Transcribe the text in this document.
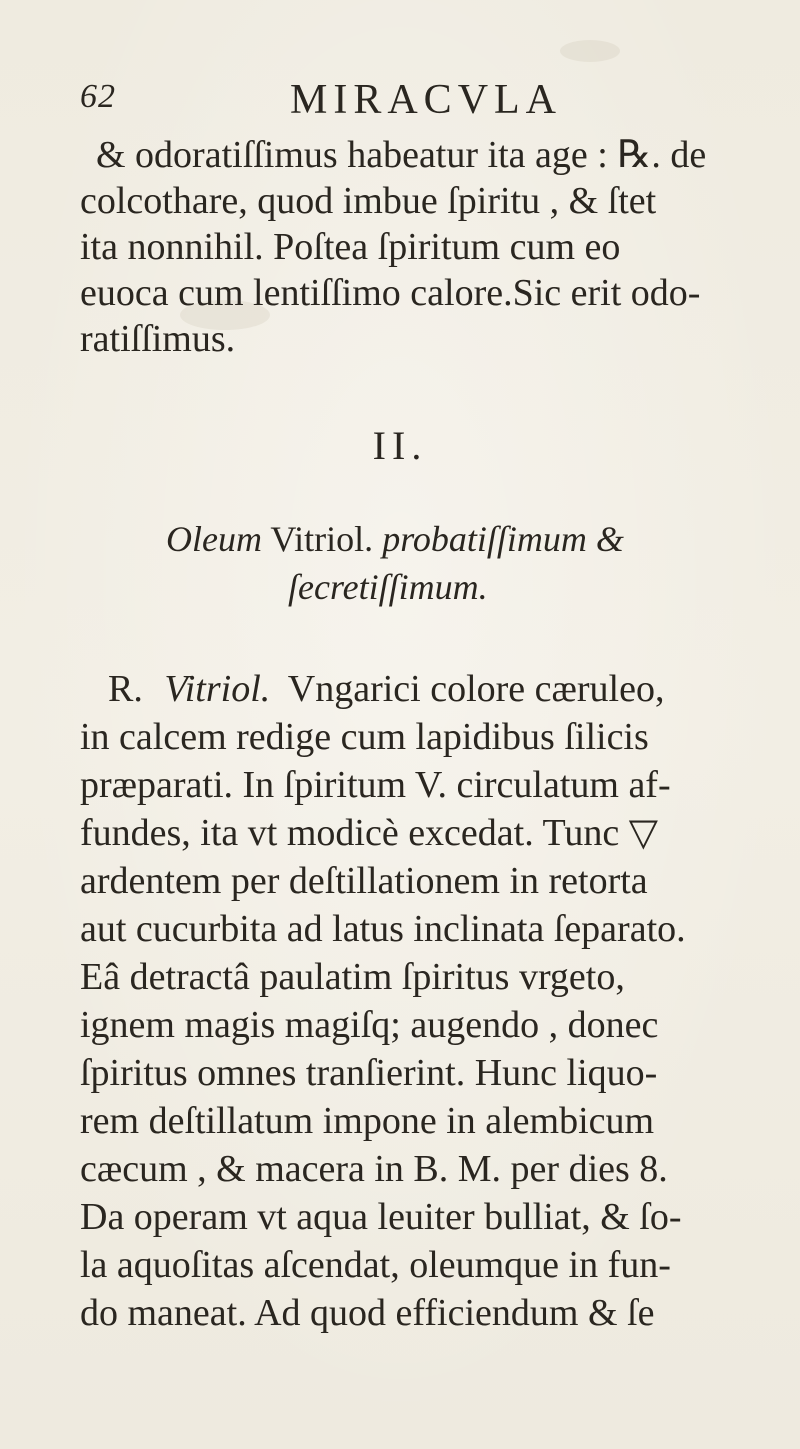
62	MIRACVLA
& odoratiſſimus habeatur ita age : ℞. de
colcothare, quod imbue ſpiritu , & ſtet
ita nonnihil. Poſtea ſpiritum cum eo
euoca cum lentiſſimo calore.Sic erit odo-
ratiſſimus.
II.
Oleum Vitriol. probatiſſimum &
ſecretiſſimum.
R. Vitriol. Vngarici colore cæruleo,
in calcem redige cum lapidibus ſilicis
præparati. In ſpiritum V. circulatum af-
fundes, ita vt modicè excedat. Tunc ▽
ardentem per deſtillationem in retorta
aut cucurbita ad latus inclinata ſeparato.
Eâ detractâ paulatim ſpiritus vrgeto,
ignem magis magiſq; augendo , donec
ſpiritus omnes tranſierint. Hunc liquo-
rem deſtillatum impone in alembicum
cæcum , & macera in B. M. per dies 8.
Da operam vt aqua leuiter bulliat, & ſo-
la aquoſitas aſcendat, oleumque in fun-
do maneat. Ad quod efficiendum & ſe
